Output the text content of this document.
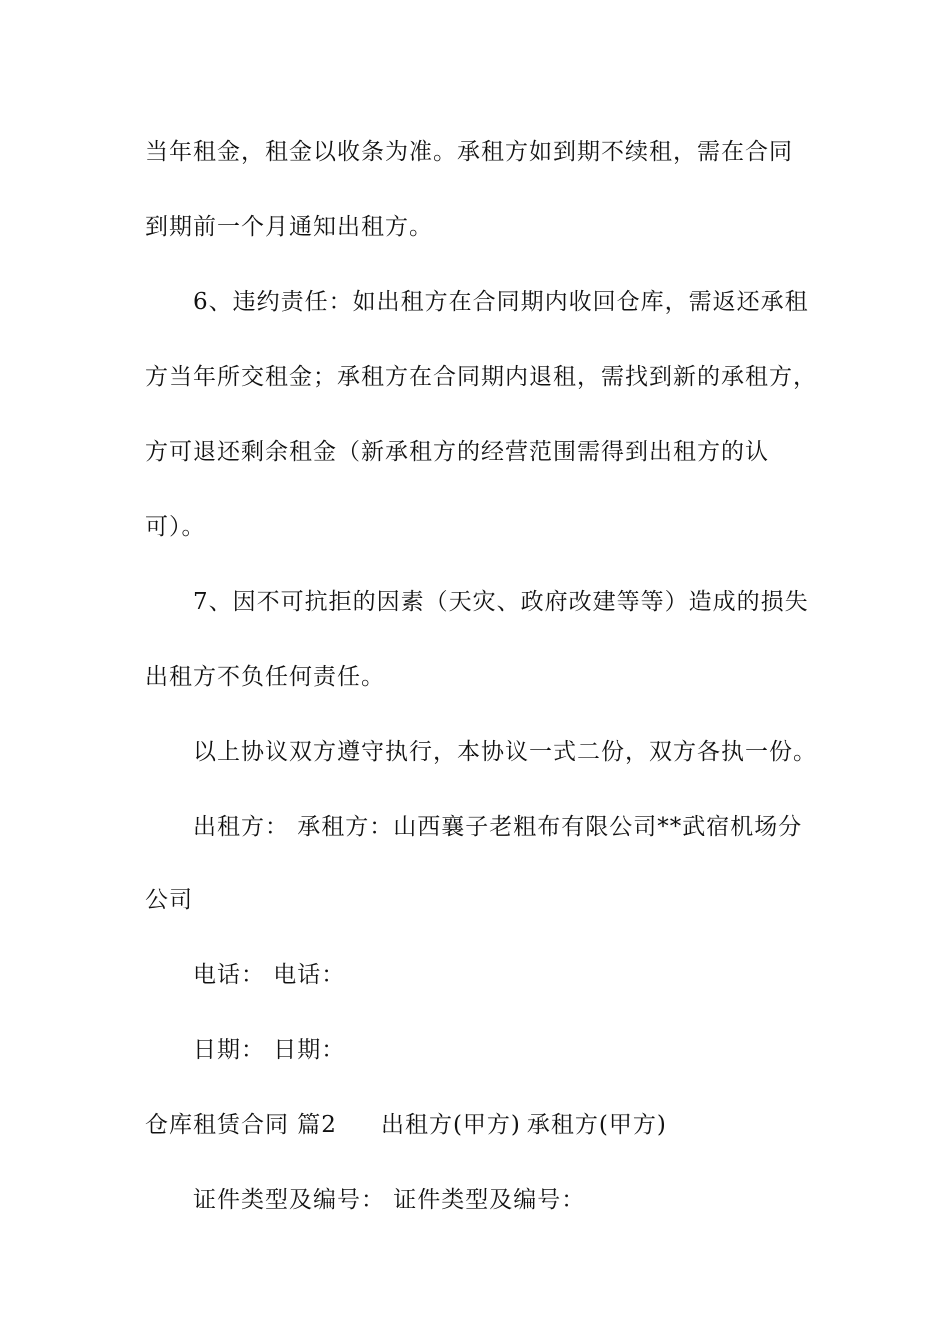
当年租金，租金以收条为准。承租方如到期不续租，需在合同
到期前一个月通知出租方。
6、违约责任：如出租方在合同期内收回仓库，需返还承租
方当年所交租金；承租方在合同期内退租，需找到新的承租方，
方可退还剩余租金（新承租方的经营范围需得到出租方的认
可）。
7、因不可抗拒的因素（天灾、政府改建等等）造成的损失
出租方不负任何责任。
以上协议双方遵守执行，本协议一式二份，双方各执一份。
出租方： 承租方：山西襄子老粗布有限公司**武宿机场分
公司
电话： 电话：
日期： 日期：
仓库租赁合同 篇2 出租方(甲方) 承租方(甲方)
证件类型及编号： 证件类型及编号：
